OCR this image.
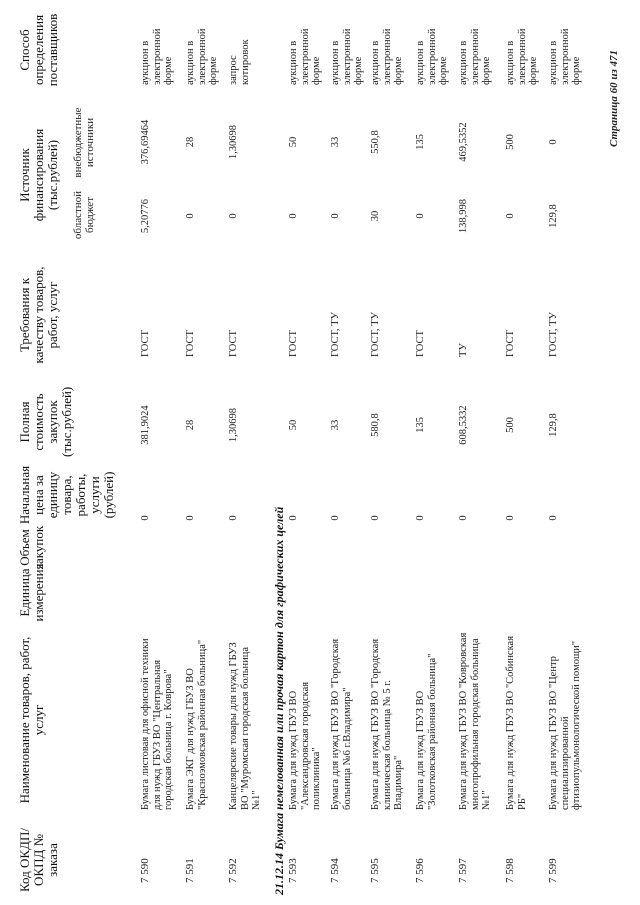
Код ОКДП/ ОКПД № заказа
Наименование товаров, работ, услуг
Единица измерения
Объем закупок
Начальная цена за единицу товара, работы, услуги (рублей)
Полная стоимость закупок (тыс.рублей)
Требования к качеству товаров, работ, услуг
Источник финансирования (тыс.рублей)
областной бюджет
внебюджетные источники
Способ определения поставщиков
7 590
Бумага листовая для офисной техники для нужд ГБУЗ ВО "Центральная городская больница г. Коврова"
0
381,9024
ГОСТ
5,20776
376,69464
аукцион в электронной форме
7 591
Бумага ЭКГ для нужд ГБУЗ ВО "Красноэмовская районная больница"
0
28
ГОСТ
0
28
аукцион в электронной форме
7 592
Канцелярские товары для нужд ГБУЗ ВО "Муромская городская больница №1"
0
1,30698
ГОСТ
0
1,30698
запрос котировок
21.12.14 Бумага немелованная или прочая картон для графических целей
7 593
Бумага для нужд ГБУЗ ВО "Александровская городская поликлиника"
0
50
ГОСТ
0
50
аукцион в электронной форме
7 594
Бумага для нужд ГБУЗ ВО "Городская больница №6 г.Владимира"
0
33
ГОСТ, ТУ
0
33
аукцион в электронной форме
7 595
Бумага для нужд ГБУЗ ВО "Городская клиническая больница № 5 г. Владимира"
0
580,8
ГОСТ, ТУ
30
550,8
аукцион в электронной форме
7 596
Бумага для нужд ГБУЗ ВО "Золотковская районная больница"
0
135
ГОСТ
0
135
аукцион в электронной форме
7 597
Бумага для нужд ГБУЗ ВО "Ковровская многопрофильная городская больница №1"
0
608,5332
ТУ
138,998
469,5352
аукцион в электронной форме
7 598
Бумага для нужд ГБУЗ ВО "Собинская РБ"
0
500
ГОСТ
0
500
аукцион в электронной форме
7 599
Бумага для нужд ГБУЗ ВО "Центр специализированной фтизиопульмонологической помощи"
0
129,8
ГОСТ, ТУ
129,8
0
аукцион в электронной форме Страница 60 из 471
